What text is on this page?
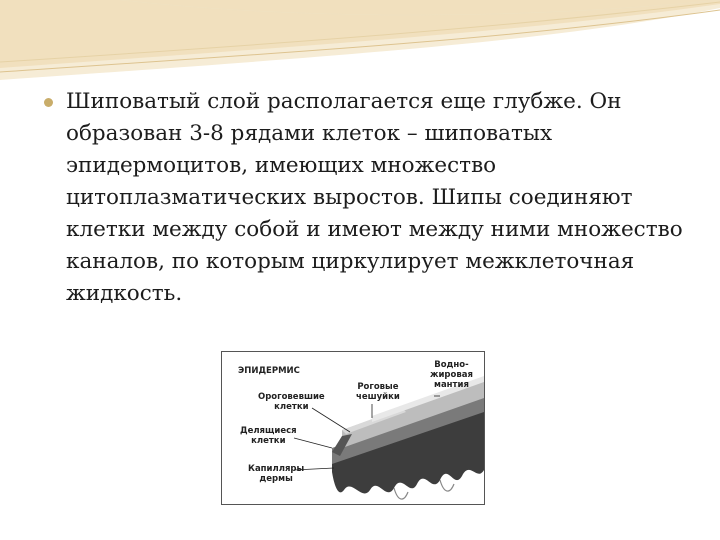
Шиповатый слой располагается еще глубже. Он образован 3-8 рядами клеток – шиповатых эпидермоцитов, имеющих множество цитоплазматических выростов. Шипы соединяют клетки между собой и имеют между ними множество каналов, по которым циркулирует межклеточная жидкость.
ЭПИДЕРМИС
Ороговевшие
клетки
Делящиеся
клетки
Капилляры
дермы
Роговые
чешуйки
Водно-
жировая
мантия
